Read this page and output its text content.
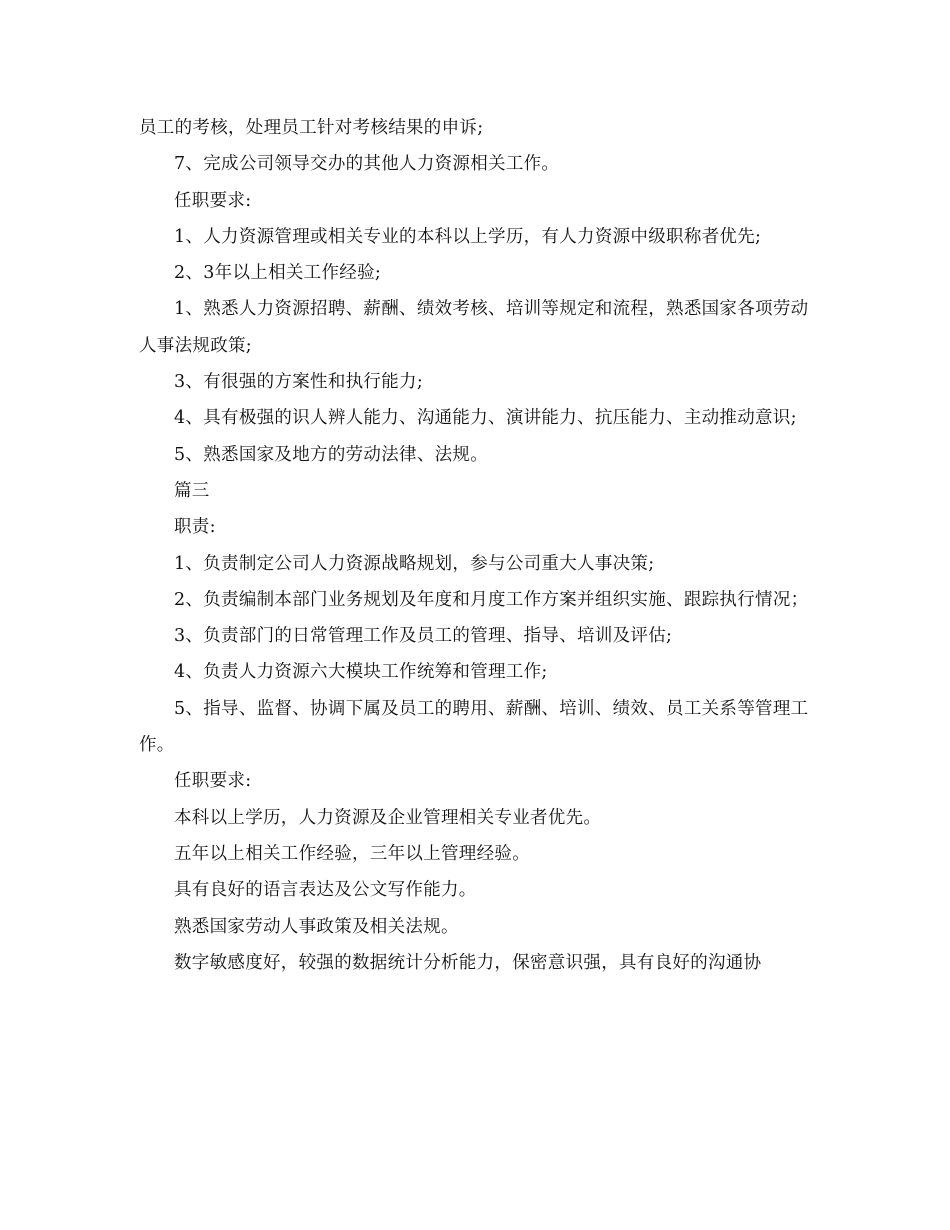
员工的考核，处理员工针对考核结果的申诉;

7、完成公司领导交办的其他人力资源相关工作。

任职要求:

1、人力资源管理或相关专业的本科以上学历，有人力资源中级职称者优先;

2、3年以上相关工作经验;

1、熟悉人力资源招聘、薪酬、绩效考核、培训等规定和流程，熟悉国家各项劳动人事法规政策;

3、有很强的方案性和执行能力;

4、具有极强的识人辨人能力、沟通能力、演讲能力、抗压能力、主动推动意识;

5、熟悉国家及地方的劳动法律、法规。

篇三

职责:

1、负责制定公司人力资源战略规划，参与公司重大人事决策;

2、负责编制本部门业务规划及年度和月度工作方案并组织实施、跟踪执行情况；

3、负责部门的日常管理工作及员工的管理、指导、培训及评估;

4、负责人力资源六大模块工作统筹和管理工作;

5、指导、监督、协调下属及员工的聘用、薪酬、培训、绩效、员工关系等管理工作。

任职要求:

本科以上学历，人力资源及企业管理相关专业者优先。

五年以上相关工作经验，三年以上管理经验。

具有良好的语言表达及公文写作能力。

熟悉国家劳动人事政策及相关法规。

数字敏感度好，较强的数据统计分析能力，保密意识强，具有良好的沟通协
